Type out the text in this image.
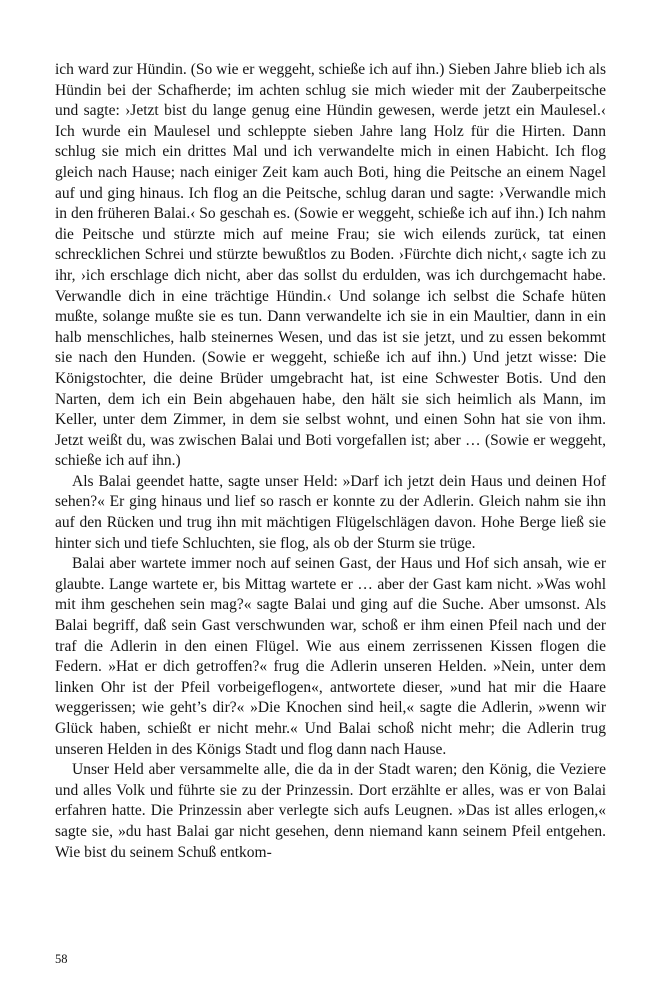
ich ward zur Hündin. (So wie er weggeht, schieße ich auf ihn.) Sieben Jahre blieb ich als Hündin bei der Schafherde; im achten schlug sie mich wieder mit der Zauberpeitsche und sagte: ›Jetzt bist du lange genug eine Hündin gewesen, werde jetzt ein Maulesel.‹ Ich wurde ein Maulesel und schleppte sieben Jahre lang Holz für die Hirten. Dann schlug sie mich ein drittes Mal und ich verwandelte mich in einen Habicht. Ich flog gleich nach Hause; nach einiger Zeit kam auch Boti, hing die Peitsche an einem Nagel auf und ging hinaus. Ich flog an die Peitsche, schlug daran und sagte: ›Verwandle mich in den früheren Balai.‹ So geschah es. (Sowie er weggeht, schieße ich auf ihn.) Ich nahm die Peitsche und stürzte mich auf meine Frau; sie wich eilends zurück, tat einen schrecklichen Schrei und stürzte bewußtlos zu Boden. ›Fürchte dich nicht,‹ sagte ich zu ihr, ›ich erschlage dich nicht, aber das sollst du erdulden, was ich durchgemacht habe. Verwandle dich in eine trächtige Hündin.‹ Und solange ich selbst die Schafe hüten mußte, solange mußte sie es tun. Dann verwandelte ich sie in ein Maultier, dann in ein halb menschliches, halb steinernes Wesen, und das ist sie jetzt, und zu essen bekommt sie nach den Hunden. (Sowie er weggeht, schieße ich auf ihn.) Und jetzt wisse: Die Königstochter, die deine Brüder umgebracht hat, ist eine Schwester Botis. Und den Narten, dem ich ein Bein abgehauen habe, den hält sie sich heimlich als Mann, im Keller, unter dem Zimmer, in dem sie selbst wohnt, und einen Sohn hat sie von ihm. Jetzt weißt du, was zwischen Balai und Boti vorgefallen ist; aber … (Sowie er weggeht, schieße ich auf ihn.)

Als Balai geendet hatte, sagte unser Held: »Darf ich jetzt dein Haus und deinen Hof sehen?« Er ging hinaus und lief so rasch er konnte zu der Adlerin. Gleich nahm sie ihn auf den Rücken und trug ihn mit mächtigen Flügelschlägen davon. Hohe Berge ließ sie hinter sich und tiefe Schluchten, sie flog, als ob der Sturm sie trüge.

Balai aber wartete immer noch auf seinen Gast, der Haus und Hof sich ansah, wie er glaubte. Lange wartete er, bis Mittag wartete er … aber der Gast kam nicht. »Was wohl mit ihm geschehen sein mag?« sagte Balai und ging auf die Suche. Aber umsonst. Als Balai begriff, daß sein Gast verschwunden war, schoß er ihm einen Pfeil nach und der traf die Adlerin in den einen Flügel. Wie aus einem zerrissenen Kissen flogen die Federn. »Hat er dich getroffen?« frug die Adlerin unseren Helden. »Nein, unter dem linken Ohr ist der Pfeil vorbeigeflogen«, antwortete dieser, »und hat mir die Haare weggerissen; wie geht’s dir?« »Die Knochen sind heil,« sagte die Adlerin, »wenn wir Glück haben, schießt er nicht mehr.« Und Balai schoß nicht mehr; die Adlerin trug unseren Helden in des Königs Stadt und flog dann nach Hause.

Unser Held aber versammelte alle, die da in der Stadt waren; den König, die Veziere und alles Volk und führte sie zu der Prinzessin. Dort erzählte er alles, was er von Balai erfahren hatte. Die Prinzessin aber verlegte sich aufs Leugnen. »Das ist alles erlogen,« sagte sie, »du hast Balai gar nicht gesehen, denn niemand kann seinem Pfeil entgehen. Wie bist du seinem Schuß entkom-

58
